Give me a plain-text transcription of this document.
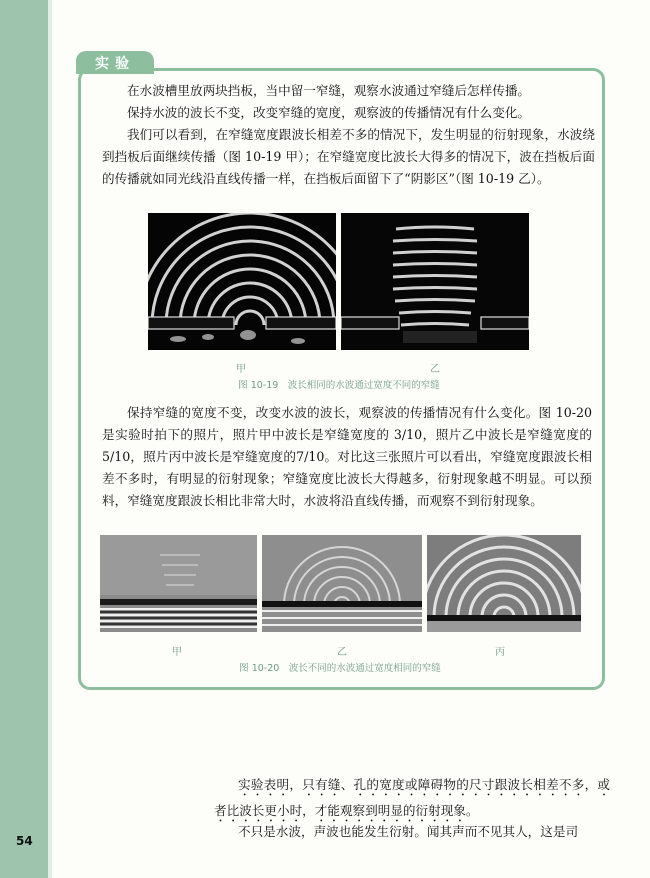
实验
在水波槽里放两块挡板，当中留一窄缝，观察水波通过窄缝后怎样传播。
保持水波的波长不变，改变窄缝的宽度，观察波的传播情况有什么变化。
我们可以看到，在窄缝宽度跟波长相差不多的情况下，发生明显的衍射现象，水波绕到挡板后面继续传播（图 10-19 甲）；在窄缝宽度比波长大得多的情况下，波在挡板后面的传播就如同光线沿直线传播一样，在挡板后面留下了“阴影区”（图 10-19 乙）。
甲	乙
图 10-19　波长相同的水波通过宽度不同的窄缝
保持窄缝的宽度不变，改变水波的波长，观察波的传播情况有什么变化。图 10-20 是实验时拍下的照片，照片甲中波长是窄缝宽度的 3/10，照片乙中波长是窄缝宽度的 5/10，照片丙中波长是窄缝宽度的7/10。对比这三张照片可以看出，窄缝宽度跟波长相差不多时，有明显的衍射现象；窄缝宽度比波长大得越多，衍射现象越不明显。可以预料，窄缝宽度跟波长相比非常大时，水波将沿直线传播，而观察不到衍射现象。
甲	乙	丙
图 10-20　波长不同的水波通过宽度相同的窄缝
实验表明，只有缝、孔的宽度或障碍物的尺寸跟波长相差不多，或者比波长更小时，才能观察到明显的衍射现象。
不只是水波，声波也能发生衍射。闻其声而不见其人，这是司
54
